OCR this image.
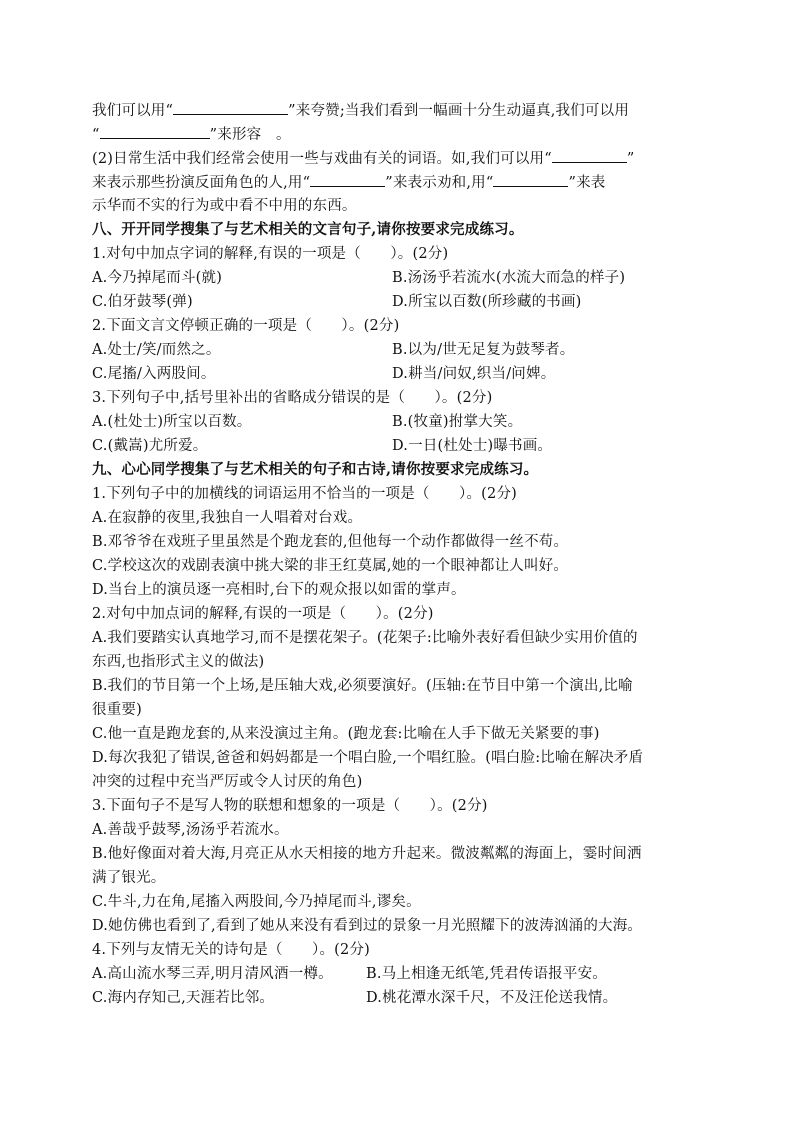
我们可以用“	”来夸赞;当我们看到一幅画十分生动逼真,我们可以用
“	”来形容　。
(2)日常生活中我们经常会使用一些与戏曲有关的词语。如,我们可以用“	”
来表示那些扮演反面角色的人,用“	”来表示劝和,用“	”来表
示华而不实的行为或中看不中用的东西。
八、开开同学搜集了与艺术相关的文言句子,请你按要求完成练习。
1.对句中加点字词的解释,有误的一项是（　　）。(2分)
A.今乃掉尾而斗(就)	B.汤汤乎若流水(水流大而急的样子)
C.伯牙鼓琴(弹)	D.所宝以百数(所珍藏的书画)
2.下面文言文停顿正确的一项是（　　）。(2分)
A.处士/笑/而然之。	B.以为/世无足复为鼓琴者。
C.尾搐/入两股间。	D.耕当/问奴,织当/问婢。
3.下列句子中,括号里补出的省略成分错误的是（　　）。(2分)
A.(杜处士)所宝以百数。	B.(牧童)拊掌大笑。
C.(戴嵩)尤所爱。	D.一日(杜处士)曝书画。
九、心心同学搜集了与艺术相关的句子和古诗,请你按要求完成练习。
1.下列句子中的加横线的词语运用不恰当的一项是（　　）。(2分)
A.在寂静的夜里,我独自一人唱着对台戏。
B.邓爷爷在戏班子里虽然是个跑龙套的,但他每一个动作都做得一丝不苟。
C.学校这次的戏剧表演中挑大梁的非王红莫属,她的一个眼神都让人叫好。
D.当台上的演员逐一亮相时,台下的观众报以如雷的掌声。
2.对句中加点词的解释,有误的一项是（　　）。(2分)
A.我们要踏实认真地学习,而不是摆花架子。(花架子:比喻外表好看但缺少实用价值的
东西,也指形式主义的做法)
B.我们的节目第一个上场,是压轴大戏,必须要演好。(压轴:在节目中第一个演出,比喻
很重要)
C.他一直是跑龙套的,从来没演过主角。(跑龙套:比喻在人手下做无关紧要的事)
D.每次我犯了错误,爸爸和妈妈都是一个唱白脸,一个唱红脸。(唱白脸:比喻在解决矛盾
冲突的过程中充当严厉或令人讨厌的角色)
3.下面句子不是写人物的联想和想象的一项是（　　）。(2分)
A.善哉乎鼓琴,汤汤乎若流水。
B.他好像面对着大海,月亮正从水天相接的地方升起来。微波粼粼的海面上，霎时间洒
满了银光。
C.牛斗,力在角,尾搐入两股间,今乃掉尾而斗,谬矣。
D.她仿佛也看到了,看到了她从来没有看到过的景象一月光照耀下的波涛汹涌的大海。
4.下列与友情无关的诗句是（　　）。(2分)
A.高山流水琴三弄,明月清风酒一樽。 B.马上相逢无纸笔,凭君传语报平安。
C.海内存知己,天涯若比邻。	D.桃花潭水深千尺，不及汪伦送我情。
